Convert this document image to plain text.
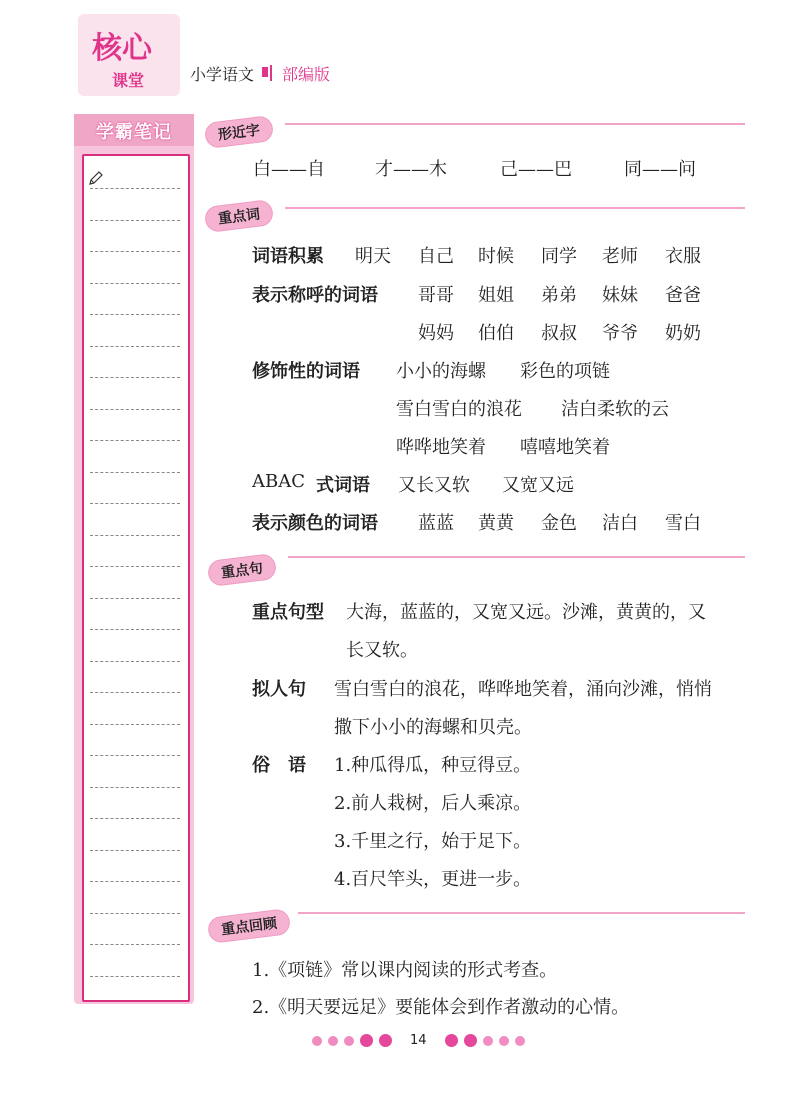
核心
课堂	小学语文 部编版
学霸笔记	形近字
白——自	才——木	己——巴	同——问
重点词
词语积累 明天 自己 时候 同学 老师 衣服
表示称呼的词语 哥哥 姐姐 弟弟 妹妹 爸爸
妈妈 伯伯 叔叔 爷爷 奶奶
修饰性的词语 小小的海螺 彩色的项链
雪白雪白的浪花 洁白柔软的云
哗哗地笑着 嘻嘻地笑着
ABAC 式词语 又长又软 又宽又远
表示颜色的词语 蓝蓝 黄黄 金色 洁白 雪白
重点句
重点句型 大海，蓝蓝的，又宽又远。沙滩，黄黄的，又
长又软。
拟人句 雪白雪白的浪花，哗哗地笑着，涌向沙滩，悄悄
撒下小小的海螺和贝壳。
俗　语 1.种瓜得瓜，种豆得豆。
2.前人栽树，后人乘凉。
3.千里之行，始于足下。
4.百尺竿头，更进一步。
重点回顾
1.《项链》常以课内阅读的形式考查。
2.《明天要远足》要能体会到作者激动的心情。
14
